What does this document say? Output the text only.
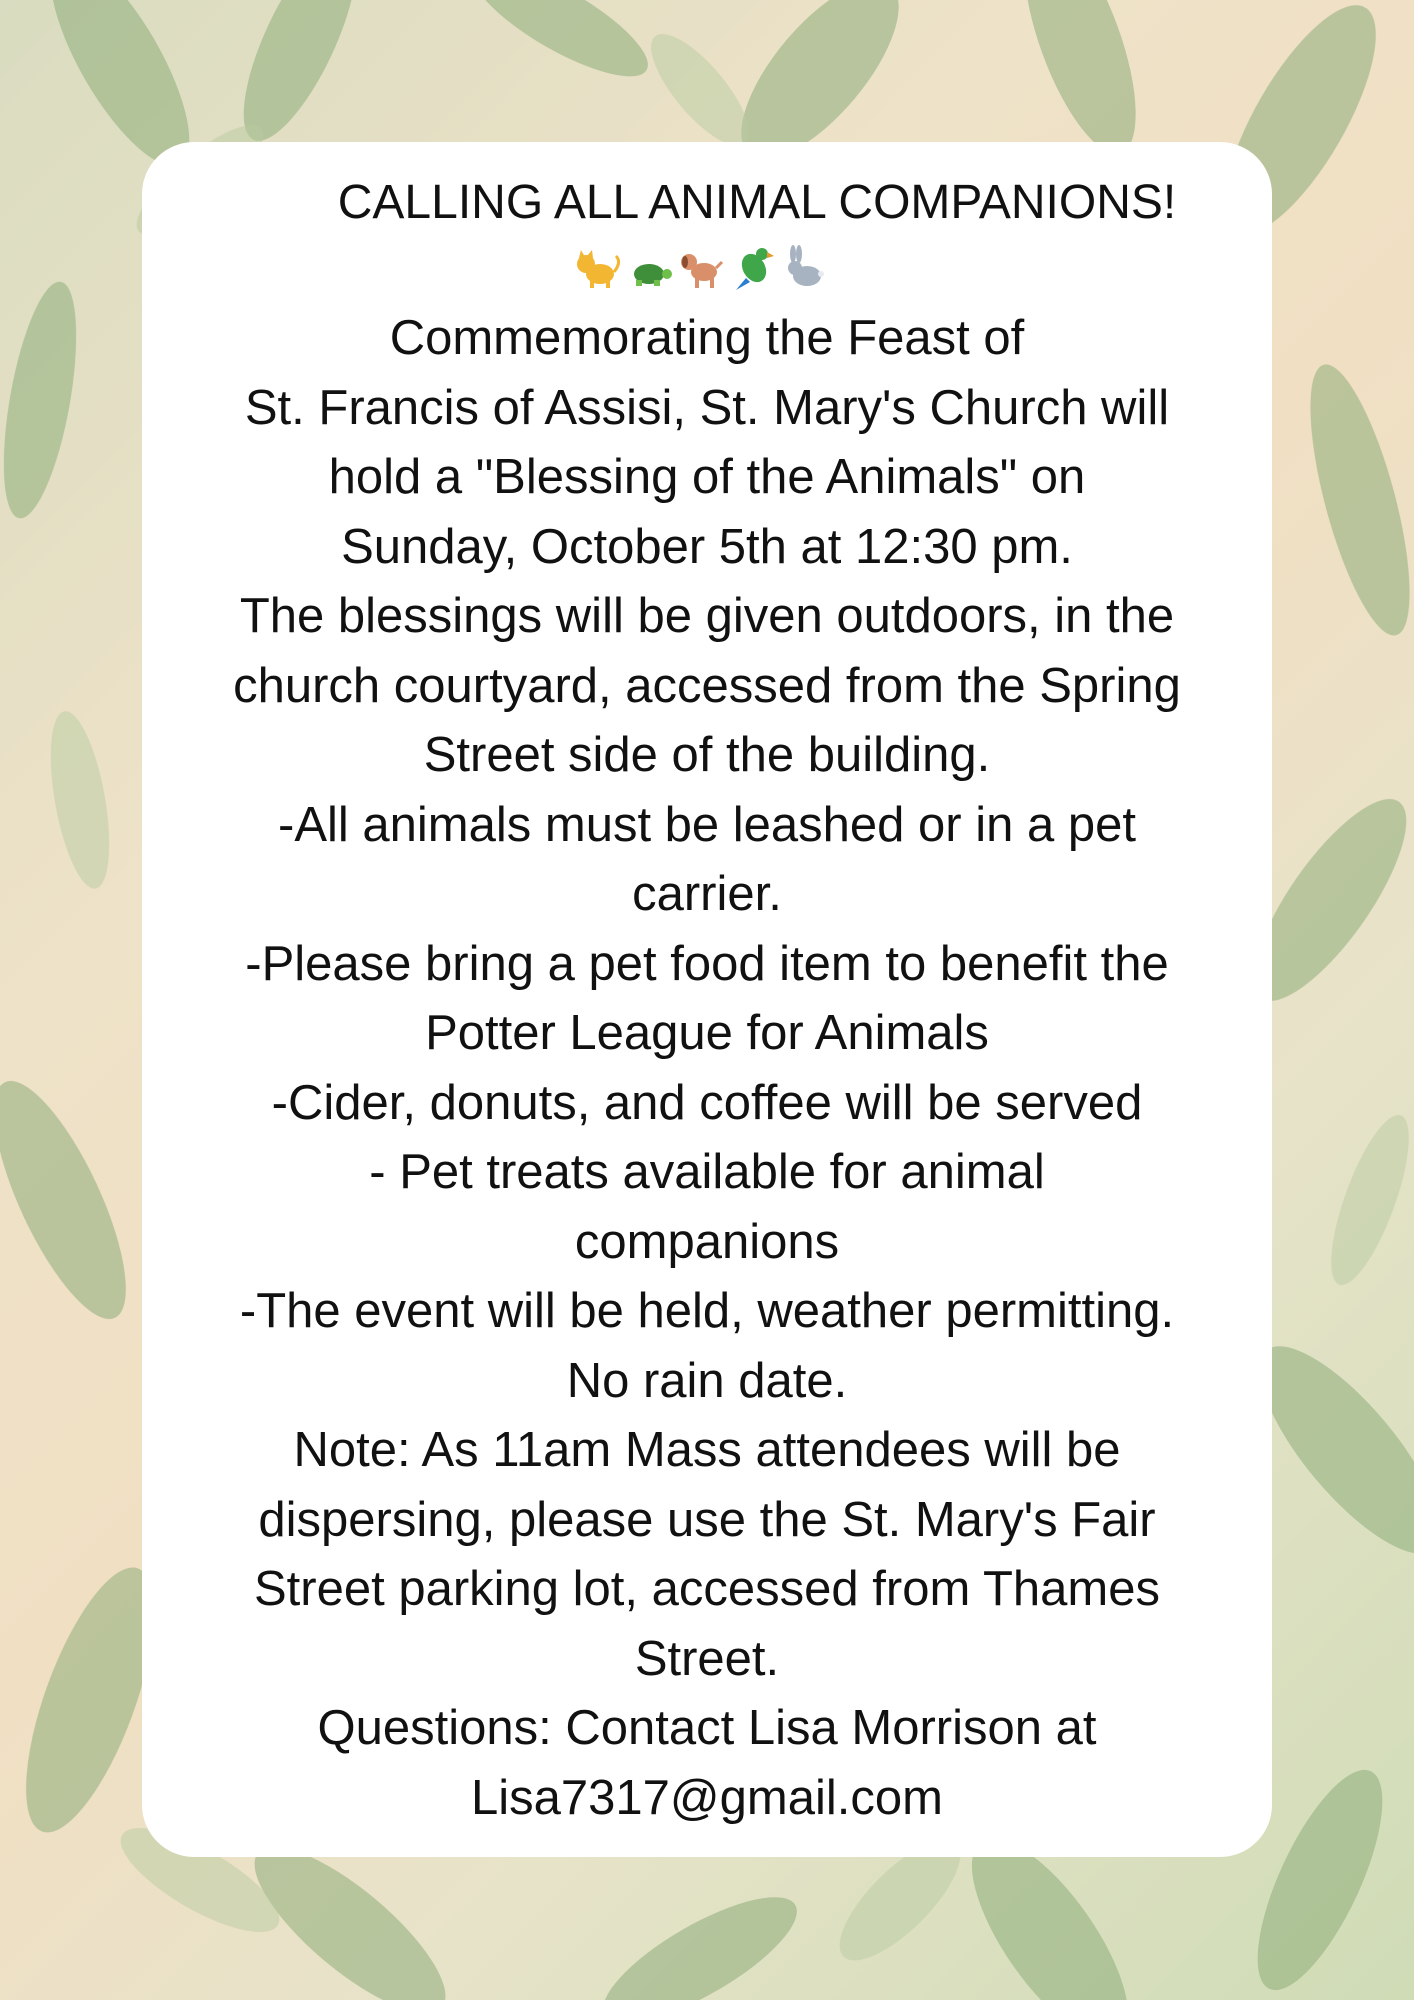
CALLING ALL ANIMAL COMPANIONS!
Commemorating the Feast of
St. Francis of Assisi, St. Mary's Church will
hold a "Blessing of the Animals" on
Sunday, October 5th at 12:30 pm.
The blessings will be given outdoors, in the
church courtyard, accessed from the Spring
Street side of the building.
-All animals must be leashed or in a pet
carrier.
-Please bring a pet food item to benefit the
Potter League for Animals
-Cider, donuts, and coffee will be served
- Pet treats available for animal
companions
-The event will be held, weather permitting.
No rain date.
Note: As 11am Mass attendees will be
dispersing, please use the St. Mary's Fair
Street parking lot, accessed from Thames
Street.
Questions: Contact Lisa Morrison at
Lisa7317@gmail.com
